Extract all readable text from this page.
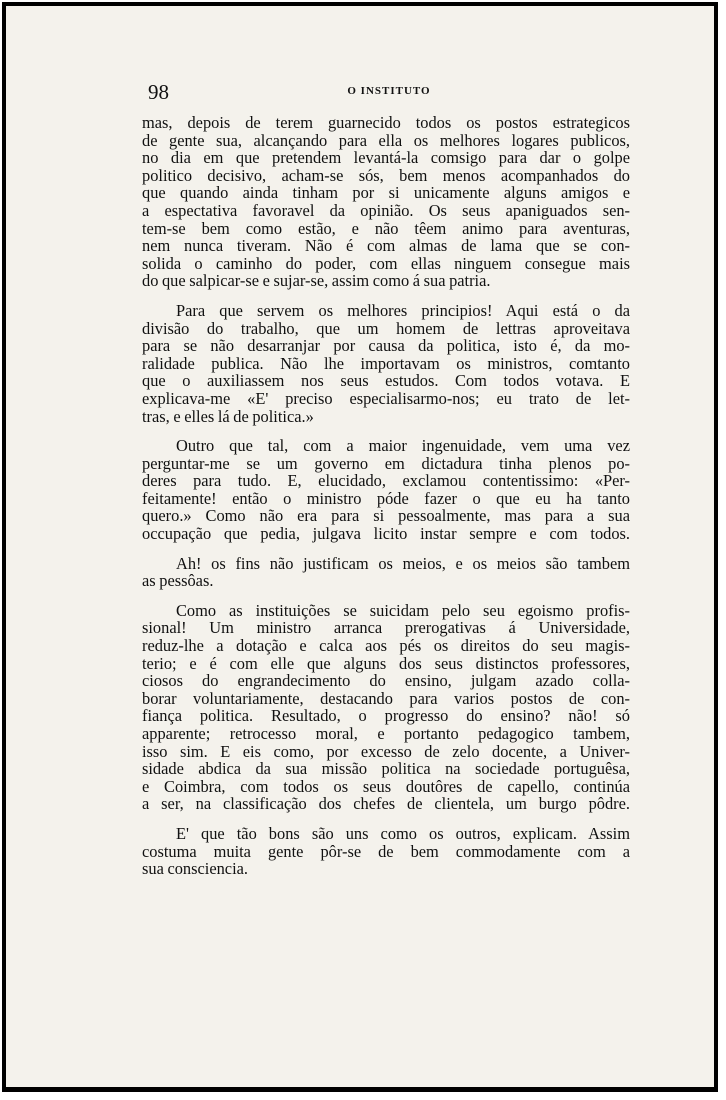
98	O INSTITUTO
mas, depois de terem guarnecido todos os postos estrategicos
de gente sua, alcançando para ella os melhores logares publicos,
no dia em que pretendem levantá-la comsigo para dar o golpe
politico decisivo, acham-se sós, bem menos acompanhados do
que quando ainda tinham por si unicamente alguns amigos e
a espectativa favoravel da opinião. Os seus apaniguados sen-
tem-se bem como estão, e não têem animo para aventuras,
nem nunca tiveram. Não é com almas de lama que se con-
solida o caminho do poder, com ellas ninguem consegue mais
do que salpicar-se e sujar-se, assim como á sua patria.
Para que servem os melhores principios! Aqui está o da
divisão do trabalho, que um homem de lettras aproveitava
para se não desarranjar por causa da politica, isto é, da mo-
ralidade publica. Não lhe importavam os ministros, comtanto
que o auxiliassem nos seus estudos. Com todos votava. E
explicava-me «E' preciso especialisarmo-nos; eu trato de let-
tras, e elles lá de politica.»
Outro que tal, com a maior ingenuidade, vem uma vez
perguntar-me se um governo em dictadura tinha plenos po-
deres para tudo. E, elucidado, exclamou contentissimo: «Per-
feitamente! então o ministro póde fazer o que eu ha tanto
quero.» Como não era para si pessoalmente, mas para a sua
occupação que pedia, julgava licito instar sempre e com todos.
Ah! os fins não justificam os meios, e os meios são tambem
as pessôas.
Como as instituições se suicidam pelo seu egoismo profis-
sional! Um ministro arranca prerogativas á Universidade,
reduz-lhe a dotação e calca aos pés os direitos do seu magis-
terio; e é com elle que alguns dos seus distinctos professores,
ciosos do engrandecimento do ensino, julgam azado colla-
borar voluntariamente, destacando para varios postos de con-
fiança politica. Resultado, o progresso do ensino? não! só
apparente; retrocesso moral, e portanto pedagogico tambem,
isso sim. E eis como, por excesso de zelo docente, a Univer-
sidade abdica da sua missão politica na sociedade portuguêsa,
e Coimbra, com todos os seus doutôres de capello, continúa
a ser, na classificação dos chefes de clientela, um burgo pôdre.
E' que tão bons são uns como os outros, explicam. Assim
costuma muita gente pôr-se de bem commodamente com a
sua consciencia.
